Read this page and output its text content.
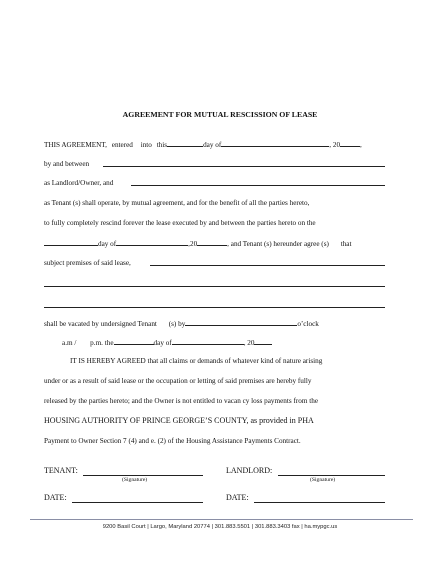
AGREEMENT FOR MUTUAL RESCISSION OF LEASE
THIS AGREEMENT, entered into this	day of	, 20	,
by and between
as Landlord/Owner, and
as Tenant (s) shall operate, by mutual agreement, and for the benefit of all the parties hereto,
to fully completely rescind forever the lease executed by and between the parties hereto on the
day of	,20	, and Tenant (s) hereunder agree (s) that
subject premises of said lease,
shall be vacated by undersigned Tenant (s) by	o’clock
a.m / p.m. the	day of	, 20
IT IS HEREBY AGREED that all claims or demands of whatever kind of nature arising
under or as a result of said lease or the occupation or letting of said premises are hereby fully
released by the parties hereto; and the Owner is not entitled to vacan cy loss payments from the
HOUSING AUTHORITY OF PRINCE GEORGE’S COUNTY, as provided in PHA
Payment to Owner Section 7 (4) and e. (2) of the Housing Assistance Payments Contract.
TENANT:
(Signature)
LANDLORD:
(Signature)
DATE:	DATE:
9200 Basil Court | Largo, Maryland 20774 | 301.883.5501 | 301.883.3403 fax | ha.mypgc.us
